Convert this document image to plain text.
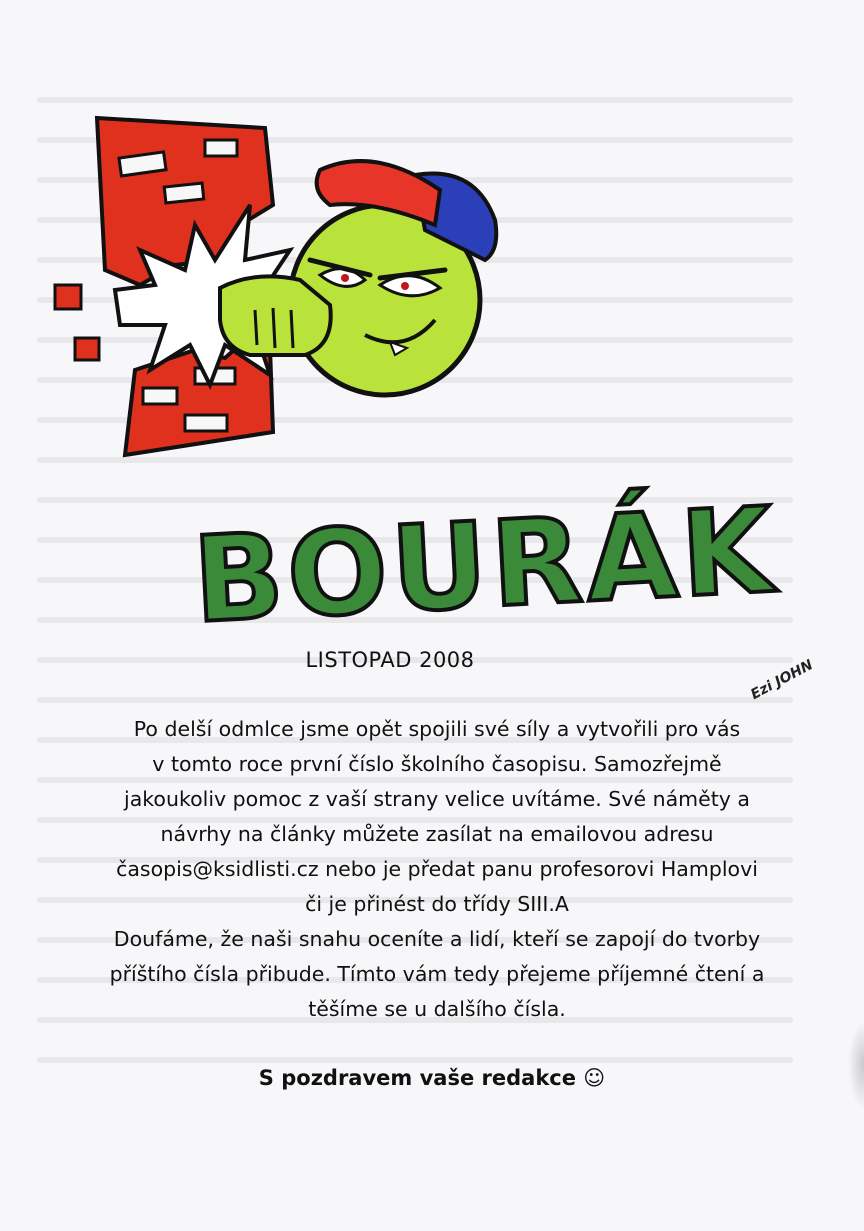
BOURÁK
Ezi JOHN
LISTOPAD 2008

Po delší odmlce jsme opět spojili své síly a vytvořili pro vás

v tomto roce první číslo školního časopisu. Samozřejmě

jakoukoliv pomoc z vaší strany velice uvítáme. Své náměty a

návrhy na články můžete zasílat na emailovou adresu

časopis@ksidlisti.cz nebo je předat panu profesorovi Hamplovi

či je přinést do třídy SIII.A

Doufáme, že naši snahu oceníte a lidí, kteří se zapojí do tvorby

příštího čísla přibude. Tímto vám tedy přejeme příjemné čtení a

těšíme se u dalšího čísla.

S pozdravem vaše redakce ☺
